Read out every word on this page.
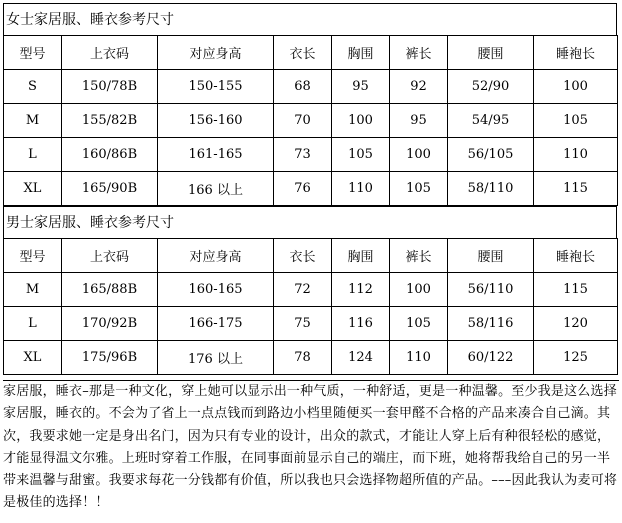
女士家居服、睡衣参考尺寸
型号	上衣码	对应身高	衣长	胸围	裤长	腰围	睡袍长
S	150/78B	150-155	68	95	92	52/90	100
M	155/82B	156-160	70	100	95	54/95	105
L	160/86B	161-165	73	105	100	56/105	110
XL	165/90B	166 以上	76	110	105	58/110	115
男士家居服、睡衣参考尺寸
型号	上衣码	对应身高	衣长	胸围	裤长	腰围	睡袍长
M	165/88B	160-165	72	112	100	56/110	115
L	170/92B	166-175	75	116	105	58/116	120
XL	175/96B	176 以上	78	124	110	60/122	125
家居服，睡衣–那是一种文化，穿上她可以显示出一种气质，一种舒适，更是一种温馨。至少我是这么选择家居服，睡衣的。不会为了省上一点点钱而到路边小档里随便买一套甲醛不合格的产品来凑合自己滴。其次，我要求她一定是身出名门，因为只有专业的设计，出众的款式，才能让人穿上后有种很轻松的感觉，才能显得温文尔雅。上班时穿着工作服，在同事面前显示自己的端庄，而下班，她将帮我给自己的另一半带来温馨与甜蜜。我要求每花一分钱都有价值，所以我也只会选择物超所值的产品。–––因此我认为麦可将是极佳的选择！！
